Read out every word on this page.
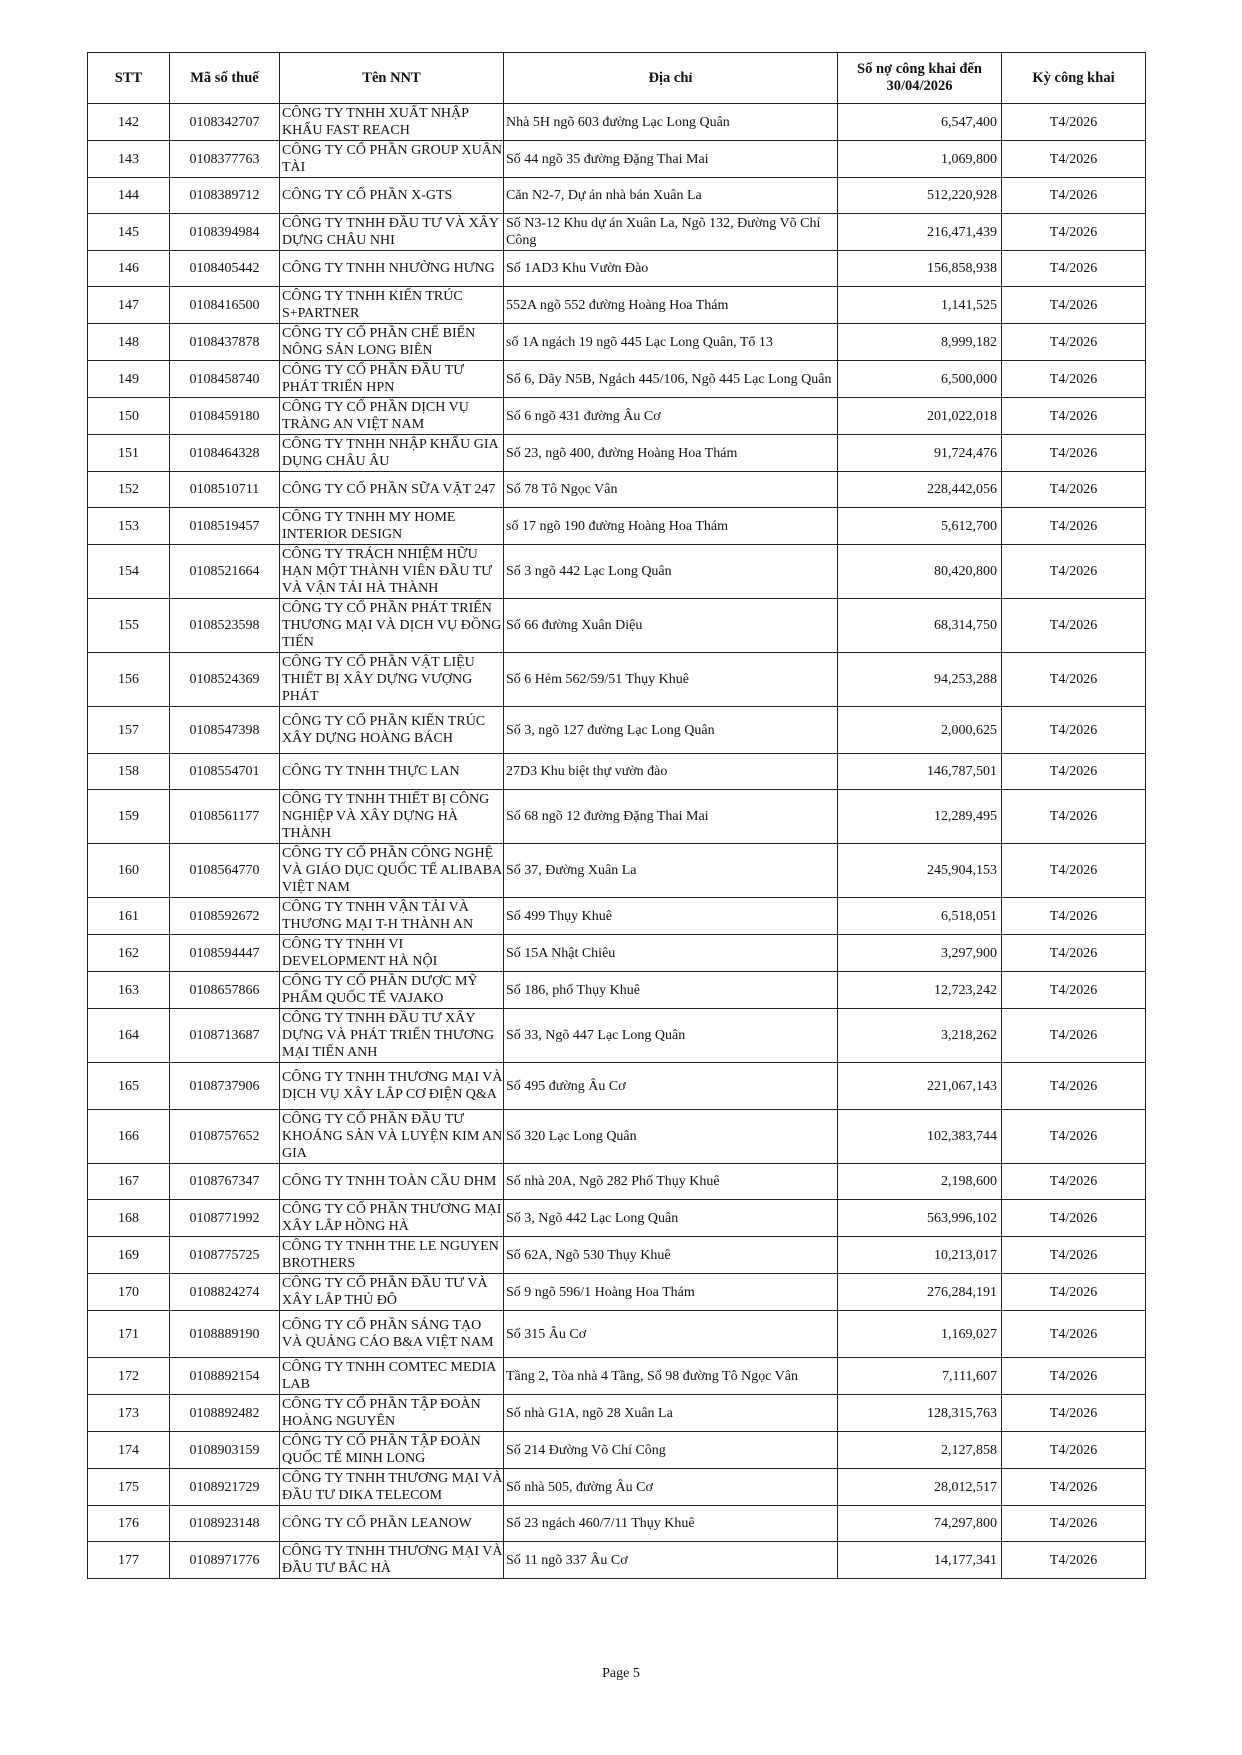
STT	Mã số thuế	Tên NNT	Địa chỉ	Số nợ công khai đến 30/04/2026	Kỳ công khai
142	0108342707	CÔNG TY TNHH XUẤT NHẬP KHẨU FAST REACH	Nhà 5H ngõ 603 đường Lạc Long Quân	6,547,400	T4/2026
143	0108377763	CÔNG TY CỔ PHẦN GROUP XUÂN TÀI	Số 44 ngõ 35 đường Đặng Thai Mai	1,069,800	T4/2026
144	0108389712	CÔNG TY CỔ PHẦN X-GTS	Căn N2-7, Dự án nhà bán Xuân La	512,220,928	T4/2026
145	0108394984	CÔNG TY TNHH ĐẦU TƯ VÀ XÂY DỰNG CHÂU NHI	Số N3-12 Khu dự án Xuân La, Ngõ 132, Đường Võ Chí Công	216,471,439	T4/2026
146	0108405442	CÔNG TY TNHH NHƯỜNG HƯNG	Số 1AD3 Khu Vườn Đào	156,858,938	T4/2026
147	0108416500	CÔNG TY TNHH KIẾN TRÚC S+PARTNER	552A ngõ 552 đường Hoàng Hoa Thám	1,141,525	T4/2026
148	0108437878	CÔNG TY CỔ PHẦN CHẾ BIẾN NÔNG SẢN LONG BIÊN	số 1A ngách 19 ngõ 445 Lạc Long Quân, Tổ 13	8,999,182	T4/2026
149	0108458740	CÔNG TY CỔ PHẦN ĐẦU TƯ PHÁT TRIỂN HPN	Số 6, Dãy N5B, Ngách 445/106, Ngõ 445 Lạc Long Quân	6,500,000	T4/2026
150	0108459180	CÔNG TY CỔ PHẦN DỊCH VỤ TRÀNG AN VIỆT NAM	Số 6 ngõ 431 đường Âu Cơ	201,022,018	T4/2026
151	0108464328	CÔNG TY TNHH NHẬP KHẨU GIA DỤNG CHÂU ÂU	Số 23, ngõ 400, đường Hoàng Hoa Thám	91,724,476	T4/2026
152	0108510711	CÔNG TY CỔ PHẦN SỮA VẶT 247	Số 78 Tô Ngọc Vân	228,442,056	T4/2026
153	0108519457	CÔNG TY TNHH MY HOME INTERIOR DESIGN	số 17 ngõ 190 đường Hoàng Hoa Thám	5,612,700	T4/2026
154	0108521664	CÔNG TY TRÁCH NHIỆM HỮU HẠN MỘT THÀNH VIÊN ĐẦU TƯ VÀ VẬN TẢI HÀ THÀNH	Số 3 ngõ 442 Lạc Long Quân	80,420,800	T4/2026
155	0108523598	CÔNG TY CỔ PHẦN PHÁT TRIỂN THƯƠNG MẠI VÀ DỊCH VỤ ĐỒNG TIẾN	Số 66 đường Xuân Diệu	68,314,750	T4/2026
156	0108524369	CÔNG TY CỔ PHẦN VẬT LIỆU THIẾT BỊ XÂY DỰNG VƯỢNG PHÁT	Số 6 Hẻm 562/59/51 Thụy Khuê	94,253,288	T4/2026
157	0108547398	CÔNG TY CỔ PHẦN KIẾN TRÚC XÂY DỰNG HOÀNG BÁCH	Số 3, ngõ 127 đường Lạc Long Quân	2,000,625	T4/2026
158	0108554701	CÔNG TY TNHH THỰC LAN	27D3 Khu biệt thự vườn đào	146,787,501	T4/2026
159	0108561177	CÔNG TY TNHH THIẾT BỊ CÔNG NGHIỆP VÀ XÂY DỰNG HÀ THÀNH	Số 68 ngõ 12 đường Đặng Thai Mai	12,289,495	T4/2026
160	0108564770	CÔNG TY CỔ PHẦN CÔNG NGHỆ VÀ GIÁO DỤC QUỐC TẾ ALIBABA VIỆT NAM	Số 37, Đường Xuân La	245,904,153	T4/2026
161	0108592672	CÔNG TY TNHH VẬN TẢI VÀ THƯƠNG MẠI T-H THÀNH AN	Số 499 Thụy Khuê	6,518,051	T4/2026
162	0108594447	CÔNG TY TNHH VI DEVELOPMENT HÀ NỘI	Số 15A Nhật Chiêu	3,297,900	T4/2026
163	0108657866	CÔNG TY CỔ PHẦN DƯỢC MỸ PHẨM QUỐC TẾ VAJAKO	Số 186, phố Thụy Khuê	12,723,242	T4/2026
164	0108713687	CÔNG TY TNHH ĐẦU TƯ XÂY DỰNG VÀ PHÁT TRIỂN THƯƠNG MẠI TIẾN ANH	Số 33, Ngõ 447 Lạc Long Quân	3,218,262	T4/2026
165	0108737906	CÔNG TY TNHH THƯƠNG MẠI VÀ DỊCH VỤ XÂY LẮP CƠ ĐIỆN Q&A	Số 495 đường Âu Cơ	221,067,143	T4/2026
166	0108757652	CÔNG TY CỔ PHẦN ĐẦU TƯ KHOÁNG SẢN VÀ LUYỆN KIM AN GIA	Số 320 Lạc Long Quân	102,383,744	T4/2026
167	0108767347	CÔNG TY TNHH TOÀN CẦU DHM	Số nhà 20A, Ngõ 282 Phố Thụy Khuê	2,198,600	T4/2026
168	0108771992	CÔNG TY CỔ PHẦN THƯƠNG MẠI XÂY LẮP HỒNG HÀ	Số 3, Ngõ 442 Lạc Long Quân	563,996,102	T4/2026
169	0108775725	CÔNG TY TNHH THE LE NGUYEN BROTHERS	Số 62A, Ngõ 530 Thụy Khuê	10,213,017	T4/2026
170	0108824274	CÔNG TY CỔ PHẦN ĐẦU TƯ VÀ XÂY LẮP THỦ ĐÔ	Số 9 ngõ 596/1 Hoàng Hoa Thám	276,284,191	T4/2026
171	0108889190	CÔNG TY CỔ PHẦN SÁNG TẠO VÀ QUẢNG CÁO B&A VIỆT NAM	Số 315 Âu Cơ	1,169,027	T4/2026
172	0108892154	CÔNG TY TNHH COMTEC MEDIA LAB	Tầng 2, Tòa nhà 4 Tầng, Số 98 đường Tô Ngọc Vân	7,111,607	T4/2026
173	0108892482	CÔNG TY CỔ PHẦN TẬP ĐOÀN HOÀNG NGUYÊN	Số nhà G1A, ngõ 28 Xuân La	128,315,763	T4/2026
174	0108903159	CÔNG TY CỔ PHẦN TẬP ĐOÀN QUỐC TẾ MINH LONG	Số 214 Đường Võ Chí Công	2,127,858	T4/2026
175	0108921729	CÔNG TY TNHH THƯƠNG MẠI VÀ ĐẦU TƯ DIKA TELECOM	Số nhà 505, đường Âu Cơ	28,012,517	T4/2026
176	0108923148	CÔNG TY CỔ PHẦN LEANOW	Số 23 ngách 460/7/11 Thụy Khuê	74,297,800	T4/2026
177	0108971776	CÔNG TY TNHH THƯƠNG MẠI VÀ ĐẦU TƯ BẮC HÀ	Số 11 ngõ 337 Âu Cơ	14,177,341	T4/2026
Page 5
